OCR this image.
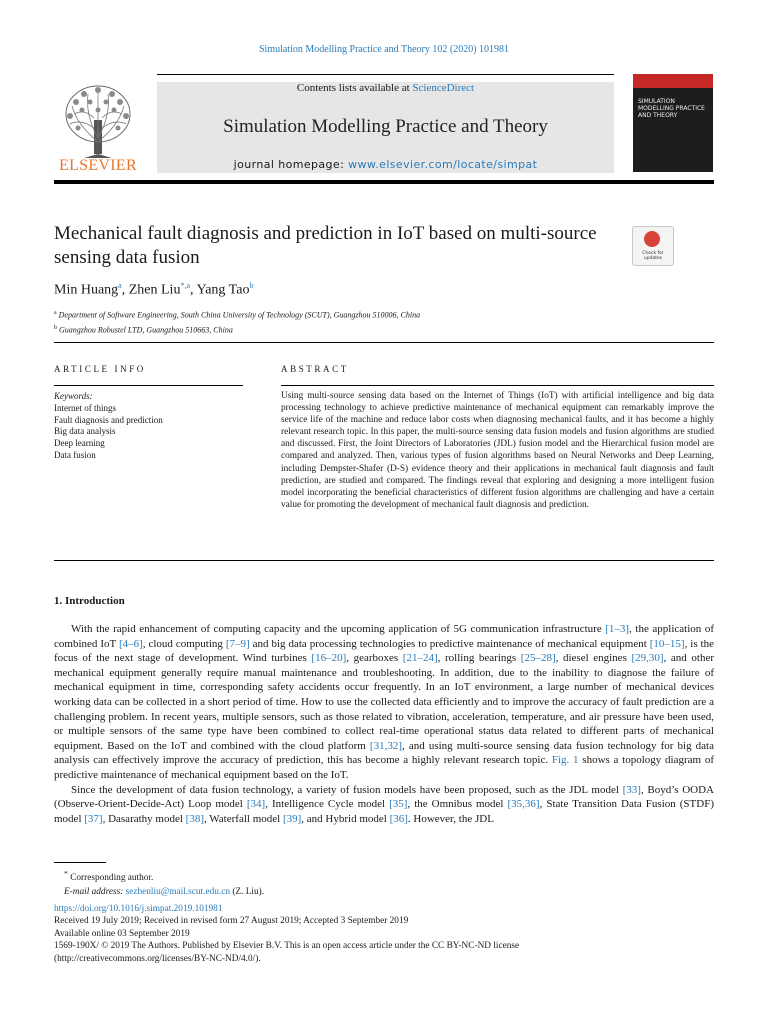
Simulation Modelling Practice and Theory 102 (2020) 101981
ELSEVIER
Contents lists available at ScienceDirect
Simulation Modelling Practice and Theory
journal homepage: www.elsevier.com/locate/simpat
SIMULATION MODELLING PRACTICE AND THEORY
Mechanical fault diagnosis and prediction in IoT based on multi-source sensing data fusion	Check for updates
Min Huang$^a$, Zhen Liu$^{*,a}$, Yang Tao$^b$
$^a$ Department of Software Engineering, South China University of Technology (SCUT), Guangzhou 510006, China
$^b$ Guangzhou Robustel LTD, Guangzhou 510663, China
ARTICLE INFO	ABSTRACT
Keywords:
Internet of things
Fault diagnosis and prediction
Big data analysis
Deep learning
Data fusion
Using multi-source sensing data based on the Internet of Things (IoT) with artificial intelligence and big data processing technology to achieve predictive maintenance of mechanical equipment can remarkably improve the service life of the machine and reduce labor costs when diagnosing mechanical faults, and it has become a highly relevant research topic. In this paper, the multi-source sensing data fusion models and fusion algorithms are studied and discussed. First, the Joint Directors of Laboratories (JDL) fusion model and the Hierarchical fusion model are compared and analyzed. Then, various types of fusion algorithms based on Neural Networks and Deep Learning, including Dempster-Shafer (D-S) evidence theory and their applications in mechanical fault diagnosis and fault prediction, are studied and compared. The findings reveal that exploring and designing a more intelligent fusion model incorporating the beneficial characteristics of different fusion algorithms are challenging and have a certain value for promoting the development of mechanical fault diagnosis and prediction.
1. Introduction

With the rapid enhancement of computing capacity and the upcoming application of 5G communication infrastructure [1–3], the application of combined IoT [4–6], cloud computing [7–9] and big data processing technologies to predictive maintenance of mechanical equipment [10–15], is the focus of the next stage of development. Wind turbines [16–20], gearboxes [21–24], rolling bearings [25–28], diesel engines [29,30], and other mechanical equipment generally require manual maintenance and troubleshooting. In addition, due to the inability to diagnose the failure of mechanical equipment in time, corresponding safety accidents occur frequently. In an IoT environment, a large number of mechanical devices working data can be collected in a short period of time. How to use the collected data efficiently and to improve the accuracy of fault prediction are a challenging problem. In recent years, multiple sensors, such as those related to vibration, acceleration, temperature, and air pressure have been used, or multiple sensors of the same type have been combined to collect real-time operational status data related to different parts of mechanical equipment. Based on the IoT and combined with the cloud platform [31,32], and using multi-source sensing data fusion technology for big data analysis can effectively improve the accuracy of prediction, this has become a highly relevant research topic. Fig. 1 shows a topology diagram of predictive maintenance of mechanical equipment based on the IoT.

Since the development of data fusion technology, a variety of fusion models have been proposed, such as the JDL model [33], Boyd’s OODA (Observe-Orient-Decide-Act) Loop model [34], Intelligence Cycle model [35], the Omnibus model [35,36], State Transition Data Fusion (STDF) model [37], Dasarathy model [38], Waterfall model [39], and Hybrid model [36]. However, the JDL

* Corresponding author.
E-mail address: sezhenliu@mail.scut.edu.cn (Z. Liu).
https://doi.org/10.1016/j.simpat.2019.101981
Received 19 July 2019; Received in revised form 27 August 2019; Accepted 3 September 2019
Available online 03 September 2019
1569-190X/ © 2019 The Authors. Published by Elsevier B.V. This is an open access article under the CC BY-NC-ND license
(http://creativecommons.org/licenses/BY-NC-ND/4.0/).
